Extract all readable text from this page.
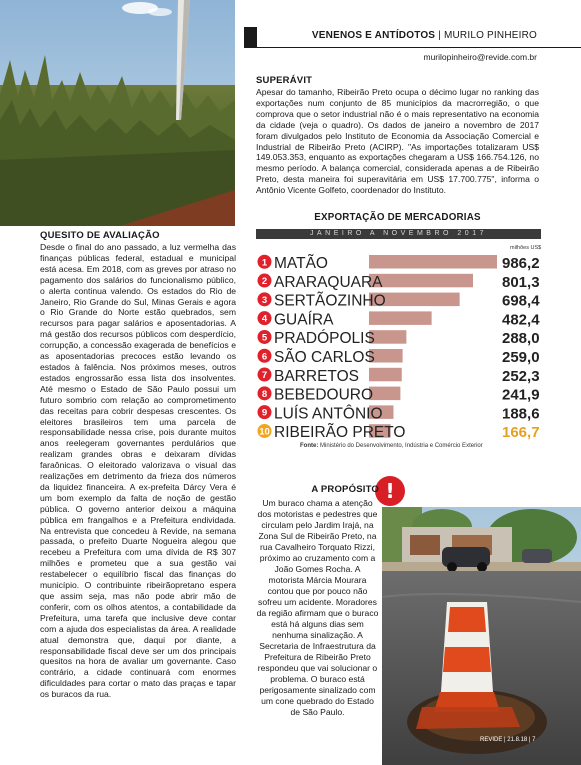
VENENOS E ANTÍDOTOS | MURILO PINHEIRO
murilopinheiro@revide.com.br
SUPERÁVIT

Apesar do tamanho, Ribeirão Preto ocupa o décimo lugar no ranking das exportações num conjunto de 85 municípios da macrorregião, o que comprova que o setor industrial não é o mais representativo na economia da cidade (veja o quadro). Os dados de janeiro a novembro de 2017 foram divulgados pelo Instituto de Economia da Associação Comercial e Industrial de Ribeirão Preto (ACIRP). "As importações totalizaram US$ 149.053.353, enquanto as exportações chegaram a US$ 166.754.126, no mesmo período. A balança comercial, considerada apenas a de Ribeirão Preto, desta maneira foi superavitária em US$ 17.700.775", informa o Antônio Vicente Golfeto, coordenador do Instituto.

EXPORTAÇÃO DE MERCADORIAS
JANEIRO A NOVEMBRO 2017
milhões US$
1 MATÃO	986,2
2 ARARAQUARA	801,3
3 SERTÃOZINHO	698,4
4 GUAÍRA	482,4
5 PRADÓPOLIS	288,0
6 SÃO CARLOS	259,0
7 BARRETOS	252,3
8 BEBEDOURO	241,9
9 LUÍS ANTÔNIO	188,6
10 RIBEIRÃO PRETO	166,7
Fonte: Ministério do Desenvolvimento, Indústria e Comércio Exterior
QUESITO DE AVALIAÇÃO

Desde o final do ano passado, a luz vermelha das finanças públicas federal, estadual e municipal está acesa. Em 2018, com as greves por atraso no pagamento dos salários do funcionalismo público, o alerta continua valendo. Os estados do Rio de Janeiro, Rio Grande do Sul, Minas Gerais e agora o Rio Grande do Norte estão quebrados, sem recursos para pagar salários e aposentadorias. A má gestão dos recursos públicos com desperdício, corrupção, a concessão exagerada de benefícios e as aposentadorias precoces estão levando os estados à falência. Nos próximos meses, outros estados engrossarão essa lista dos insolventes. Até mesmo o Estado de São Paulo possui um futuro sombrio com relação ao comprometimento das receitas para cobrir despesas crescentes. Os eleitores brasileiros tem uma parcela de responsabilidade nessa crise, pois durante muitos anos reelegeram governantes perdulários que realizam grandes obras e deixaram dívidas faraônicas. O eleitorado valorizava o visual das realizações em detrimento da frieza dos números da liquidez financeira. A ex-prefeita Dárcy Vera é um bom exemplo da falta de noção de gestão pública. O governo anterior deixou a máquina pública em frangalhos e a Prefeitura endividada. Na entrevista que concedeu à Revide, na semana passada, o prefeito Duarte Nogueira alegou que recebeu a Prefeitura com uma dívida de R$ 307 milhões e prometeu que a sua gestão vai restabelecer o equilíbrio fiscal das finanças do município. O contribuinte ribeirãopretano espera que assim seja, mas não pode abrir mão de conferir, com os olhos atentos, a contabilidade da Prefeitura, uma tarefa que inclusive deve contar com a ajuda dos especialistas da área. A realidade atual demonstra que, daqui por diante, a responsabilidade fiscal deve ser um dos principais quesitos na hora de avaliar um governante. Caso contrário, a cidade continuará com enormes dificuldades para cortar o mato das praças e tapar os buracos da rua.

!
A PROPÓSITO

Um buraco chama a atenção dos motoristas e pedestres que circulam pelo Jardim Irajá, na Zona Sul de Ribeirão Preto, na rua Cavalheiro Torquato Rizzi, próximo ao cruzamento com a João Gomes Rocha. A motorista Márcia Mourara contou que por pouco não sofreu um acidente. Moradores da região afirmam que o buraco está há alguns dias sem nenhuma sinalização. A Secretaria de Infraestrutura da Prefeitura de Ribeirão Preto respondeu que vai solucionar o problema. O buraco está perigosamente sinalizado com um cone quebrado do Estado de São Paulo.

REVIDE | 21.8.18 | 7
